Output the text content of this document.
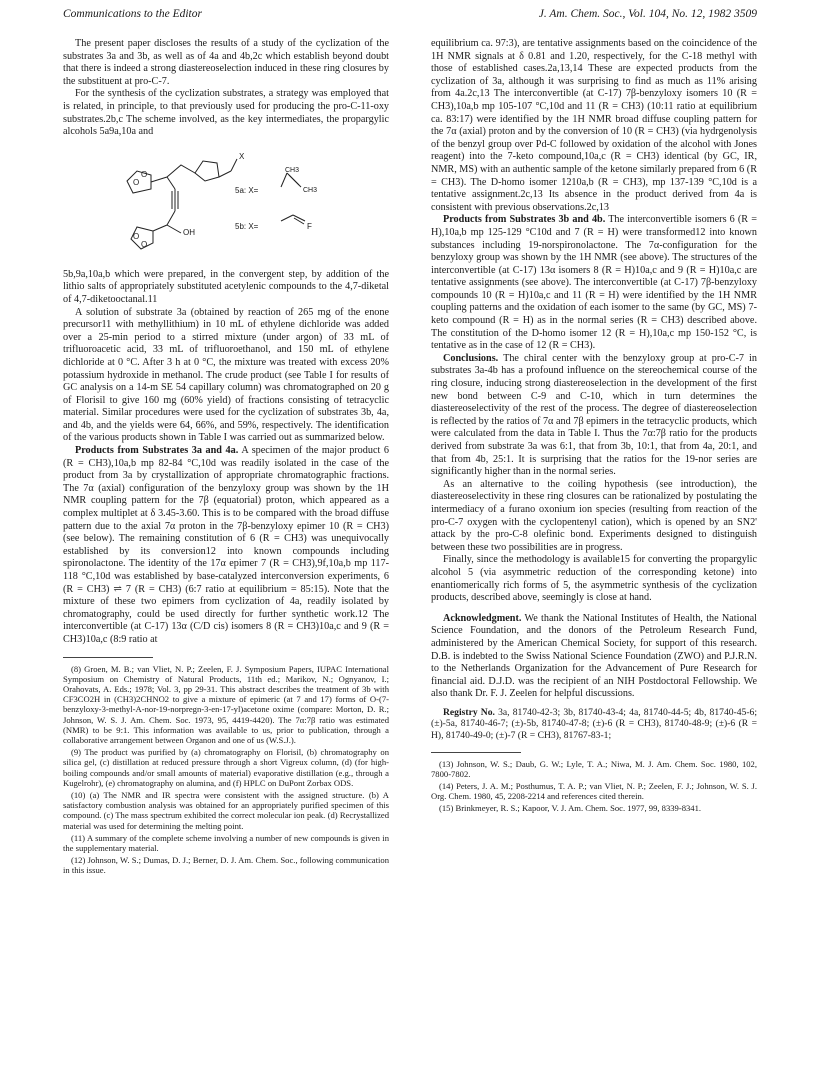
Communications to the Editor	J. Am. Chem. Soc., Vol. 104, No. 12, 1982 3509

The present paper discloses the results of a study of the cyclization of the substrates 3a and 3b, as well as of 4a and 4b,2c which establish beyond doubt that there is indeed a strong diastereoselection induced in these ring closures by the substituent at pro-C-7.

For the synthesis of the cyclization substrates, a strategy was employed that is related, in principle, to that previously used for producing the pro-C-11-oxy substrates.2b,c The scheme involved, as the key intermediates, the propargylic alcohols 5a9a,10a and

O
O
O
O
X
OH
5a: X=
5b: X=
CH3
CH3
F

5b,9a,10a,b which were prepared, in the convergent step, by addition of the lithio salts of appropriately substituted acetylenic compounds to the 4,7-diketal of 4,7-diketooctanal.11

A solution of substrate 3a (obtained by reaction of 265 mg of the enone precursor11 with methyllithium) in 10 mL of ethylene dichloride was added over a 25-min period to a stirred mixture (under argon) of 33 mL of trifluoroacetic acid, 33 mL of trifluoroethanol, and 150 mL of ethylene dichloride at 0 °C. After 3 h at 0 °C, the mixture was treated with excess 20% potassium hydroxide in methanol. The crude product (see Table I for results of GC analysis on a 14-m SE 54 capillary column) was chromatographed on 20 g of Florisil to give 160 mg (60% yield) of fractions consisting of tetracyclic material. Similar procedures were used for the cyclization of substrates 3b, 4a, and 4b, and the yields were 64, 66%, and 59%, respectively. The identification of the various products shown in Table I was carried out as summarized below.

Products from Substrates 3a and 4a. A specimen of the major product 6 (R = CH3),10a,b mp 82-84 °C,10d was readily isolated in the case of the product from 3a by crystallization of appropriate chromatographic fractions. The 7α (axial) configuration of the benzyloxy group was shown by the 1H NMR coupling pattern for the 7β (equatorial) proton, which appeared as a complex multiplet at δ 3.45-3.60. This is to be compared with the broad diffuse pattern due to the axial 7α proton in the 7β-benzyloxy epimer 10 (R = CH3) (see below). The remaining constitution of 6 (R = CH3) was unequivocally established by its conversion12 into known compounds including spironolactone. The identity of the 17α epimer 7 (R = CH3),9f,10a,b mp 117-118 °C,10d was established by base-catalyzed interconversion experiments, 6 (R = CH3) ⇌ 7 (R = CH3) (6:7 ratio at equilibrium = 85:15). Note that the mixture of these two epimers from cyclization of 4a, readily isolated by chromatography, could be used directly for further synthetic work.12 The interconvertible (at C-17) 13α (C/D cis) isomers 8 (R = CH3)10a,c and 9 (R = CH3)10a,c (8:9 ratio at

(8) Groen, M. B.; van Vliet, N. P.; Zeelen, F. J. Symposium Papers, IUPAC International Symposium on Chemistry of Natural Products, 11th ed.; Marikov, N.; Ognyanov, I.; Orahovats, A. Eds.; 1978; Vol. 3, pp 29-31. This abstract describes the treatment of 3b with CF3CO2H in (CH3)2CHNO2 to give a mixture of epimeric (at 7 and 17) forms of O-(7-benzyloxy-3-methyl-A-nor-19-norpregn-3-en-17-yl)acetone oxime (compare: Morton, D. R.; Johnson, W. S. J. Am. Chem. Soc. 1973, 95, 4419-4420). The 7α:7β ratio was estimated (NMR) to be 9:1. This information was available to us, prior to publication, through a collaborative arrangement between Organon and one of us (W.S.J.).

(9) The product was purified by (a) chromatography on Florisil, (b) chromatography on silica gel, (c) distillation at reduced pressure through a short Vigreux column, (d) (for high-boiling compounds and/or small amounts of material) evaporative distillation (e.g., through a Kugelrohr), (e) chromatography on alumina, and (f) HPLC on DuPont Zorbax ODS.

(10) (a) The NMR and IR spectra were consistent with the assigned structure. (b) A satisfactory combustion analysis was obtained for an appropriately purified specimen of this compound. (c) The mass spectrum exhibited the correct molecular ion peak. (d) Recrystallized material was used for determining the melting point.

(11) A summary of the complete scheme involving a number of new compounds is given in the supplementary material.

(12) Johnson, W. S.; Dumas, D. J.; Berner, D. J. Am. Chem. Soc., following communication in this issue.

equilibrium ca. 97:3), are tentative assignments based on the coincidence of the 1H NMR signals at δ 0.81 and 1.20, respectively, for the C-18 methyl with those of established cases.2a,13,14 These are expected products from the cyclization of 3a, although it was surprising to find as much as 11% arising from 4a.2c,13 The interconvertible (at C-17) 7β-benzyloxy isomers 10 (R = CH3),10a,b mp 105-107 °C,10d and 11 (R = CH3) (10:11 ratio at equilibrium ca. 83:17) were identified by the 1H NMR broad diffuse coupling pattern for the 7α (axial) proton and by the conversion of 10 (R = CH3) (via hydrgenolysis of the benzyl group over Pd-C followed by oxidation of the alcohol with Jones reagent) into the 7-keto compound,10a,c (R = CH3) identical (by GC, IR, NMR, MS) with an authentic sample of the ketone similarly prepared from 6 (R = CH3). The D-homo isomer 1210a,b (R = CH3), mp 137-139 °C,10d is a tentative assignment.2c,13 Its absence in the product derived from 4a is consistent with previous observations.2c,13

Products from Substrates 3b and 4b. The interconvertible isomers 6 (R = H),10a,b mp 125-129 °C10d and 7 (R = H) were transformed12 into known substances including 19-norspironolactone. The 7α-configuration for the benzyloxy group was shown by the 1H NMR (see above). The structures of the interconvertible (at C-17) 13α isomers 8 (R = H)10a,c and 9 (R = H)10a,c are tentative assignments (see above). The interconvertible (at C-17) 7β-benzyloxy compounds 10 (R = H)10a,c and 11 (R = H) were identified by the 1H NMR coupling patterns and the oxidation of each isomer to the same (by GC, MS) 7-keto compound (R = H) as in the normal series (R = CH3) described above. The constitution of the D-homo isomer 12 (R = H),10a,c mp 150-152 °C, is tentative as in the case of 12 (R = CH3).

Conclusions. The chiral center with the benzyloxy group at pro-C-7 in substrates 3a-4b has a profound influence on the stereochemical course of the ring closure, inducing strong diastereoselection in the development of the first new bond between C-9 and C-10, which in turn determines the diastereoselectivity of the rest of the process. The degree of diastereoselection is reflected by the ratios of 7α and 7β epimers in the tetracyclic products, which were calculated from the data in Table I. Thus the 7α:7β ratio for the products derived from substrate 3a was 6:1, that from 3b, 10:1, that from 4a, 20:1, and that from 4b, 25:1. It is surprising that the ratios for the 19-nor series are significantly higher than in the normal series.

As an alternative to the coiling hypothesis (see introduction), the diastereoselectivity in these ring closures can be rationalized by postulating the intermediacy of a furano oxonium ion species (resulting from reaction of the pro-C-7 oxygen with the cyclopentenyl cation), which is opened by an SN2' attack by the pro-C-8 olefinic bond. Experiments designed to distinguish between these two possibilities are in progress.

Finally, since the methodology is available15 for converting the propargylic alcohol 5 (via asymmetric reduction of the corresponding ketone) into enantiomerically rich forms of 5, the asymmetric synthesis of the cyclization products, described above, seemingly is close at hand.

Acknowledgment. We thank the National Institutes of Health, the National Science Foundation, and the donors of the Petroleum Research Fund, administered by the American Chemical Society, for support of this research. D.B. is indebted to the Swiss National Science Foundation (ZWO) and P.J.R.N. to the Netherlands Organization for the Advancement of Pure Research for financial aid. D.J.D. was the recipient of an NIH Postdoctoral Fellowship. We also thank Dr. F. J. Zeelen for helpful discussions.

Registry No. 3a, 81740-42-3; 3b, 81740-43-4; 4a, 81740-44-5; 4b, 81740-45-6; (±)-5a, 81740-46-7; (±)-5b, 81740-47-8; (±)-6 (R = CH3), 81740-48-9; (±)-6 (R = H), 81740-49-0; (±)-7 (R = CH3), 81767-83-1;

(13) Johnson, W. S.; Daub, G. W.; Lyle, T. A.; Niwa, M. J. Am. Chem. Soc. 1980, 102, 7800-7802.

(14) Peters, J. A. M.; Posthumus, T. A. P.; van Vliet, N. P.; Zeelen, F. J.; Johnson, W. S. J. Org. Chem. 1980, 45, 2208-2214 and references cited therein.

(15) Brinkmeyer, R. S.; Kapoor, V. J. Am. Chem. Soc. 1977, 99, 8339-8341.
